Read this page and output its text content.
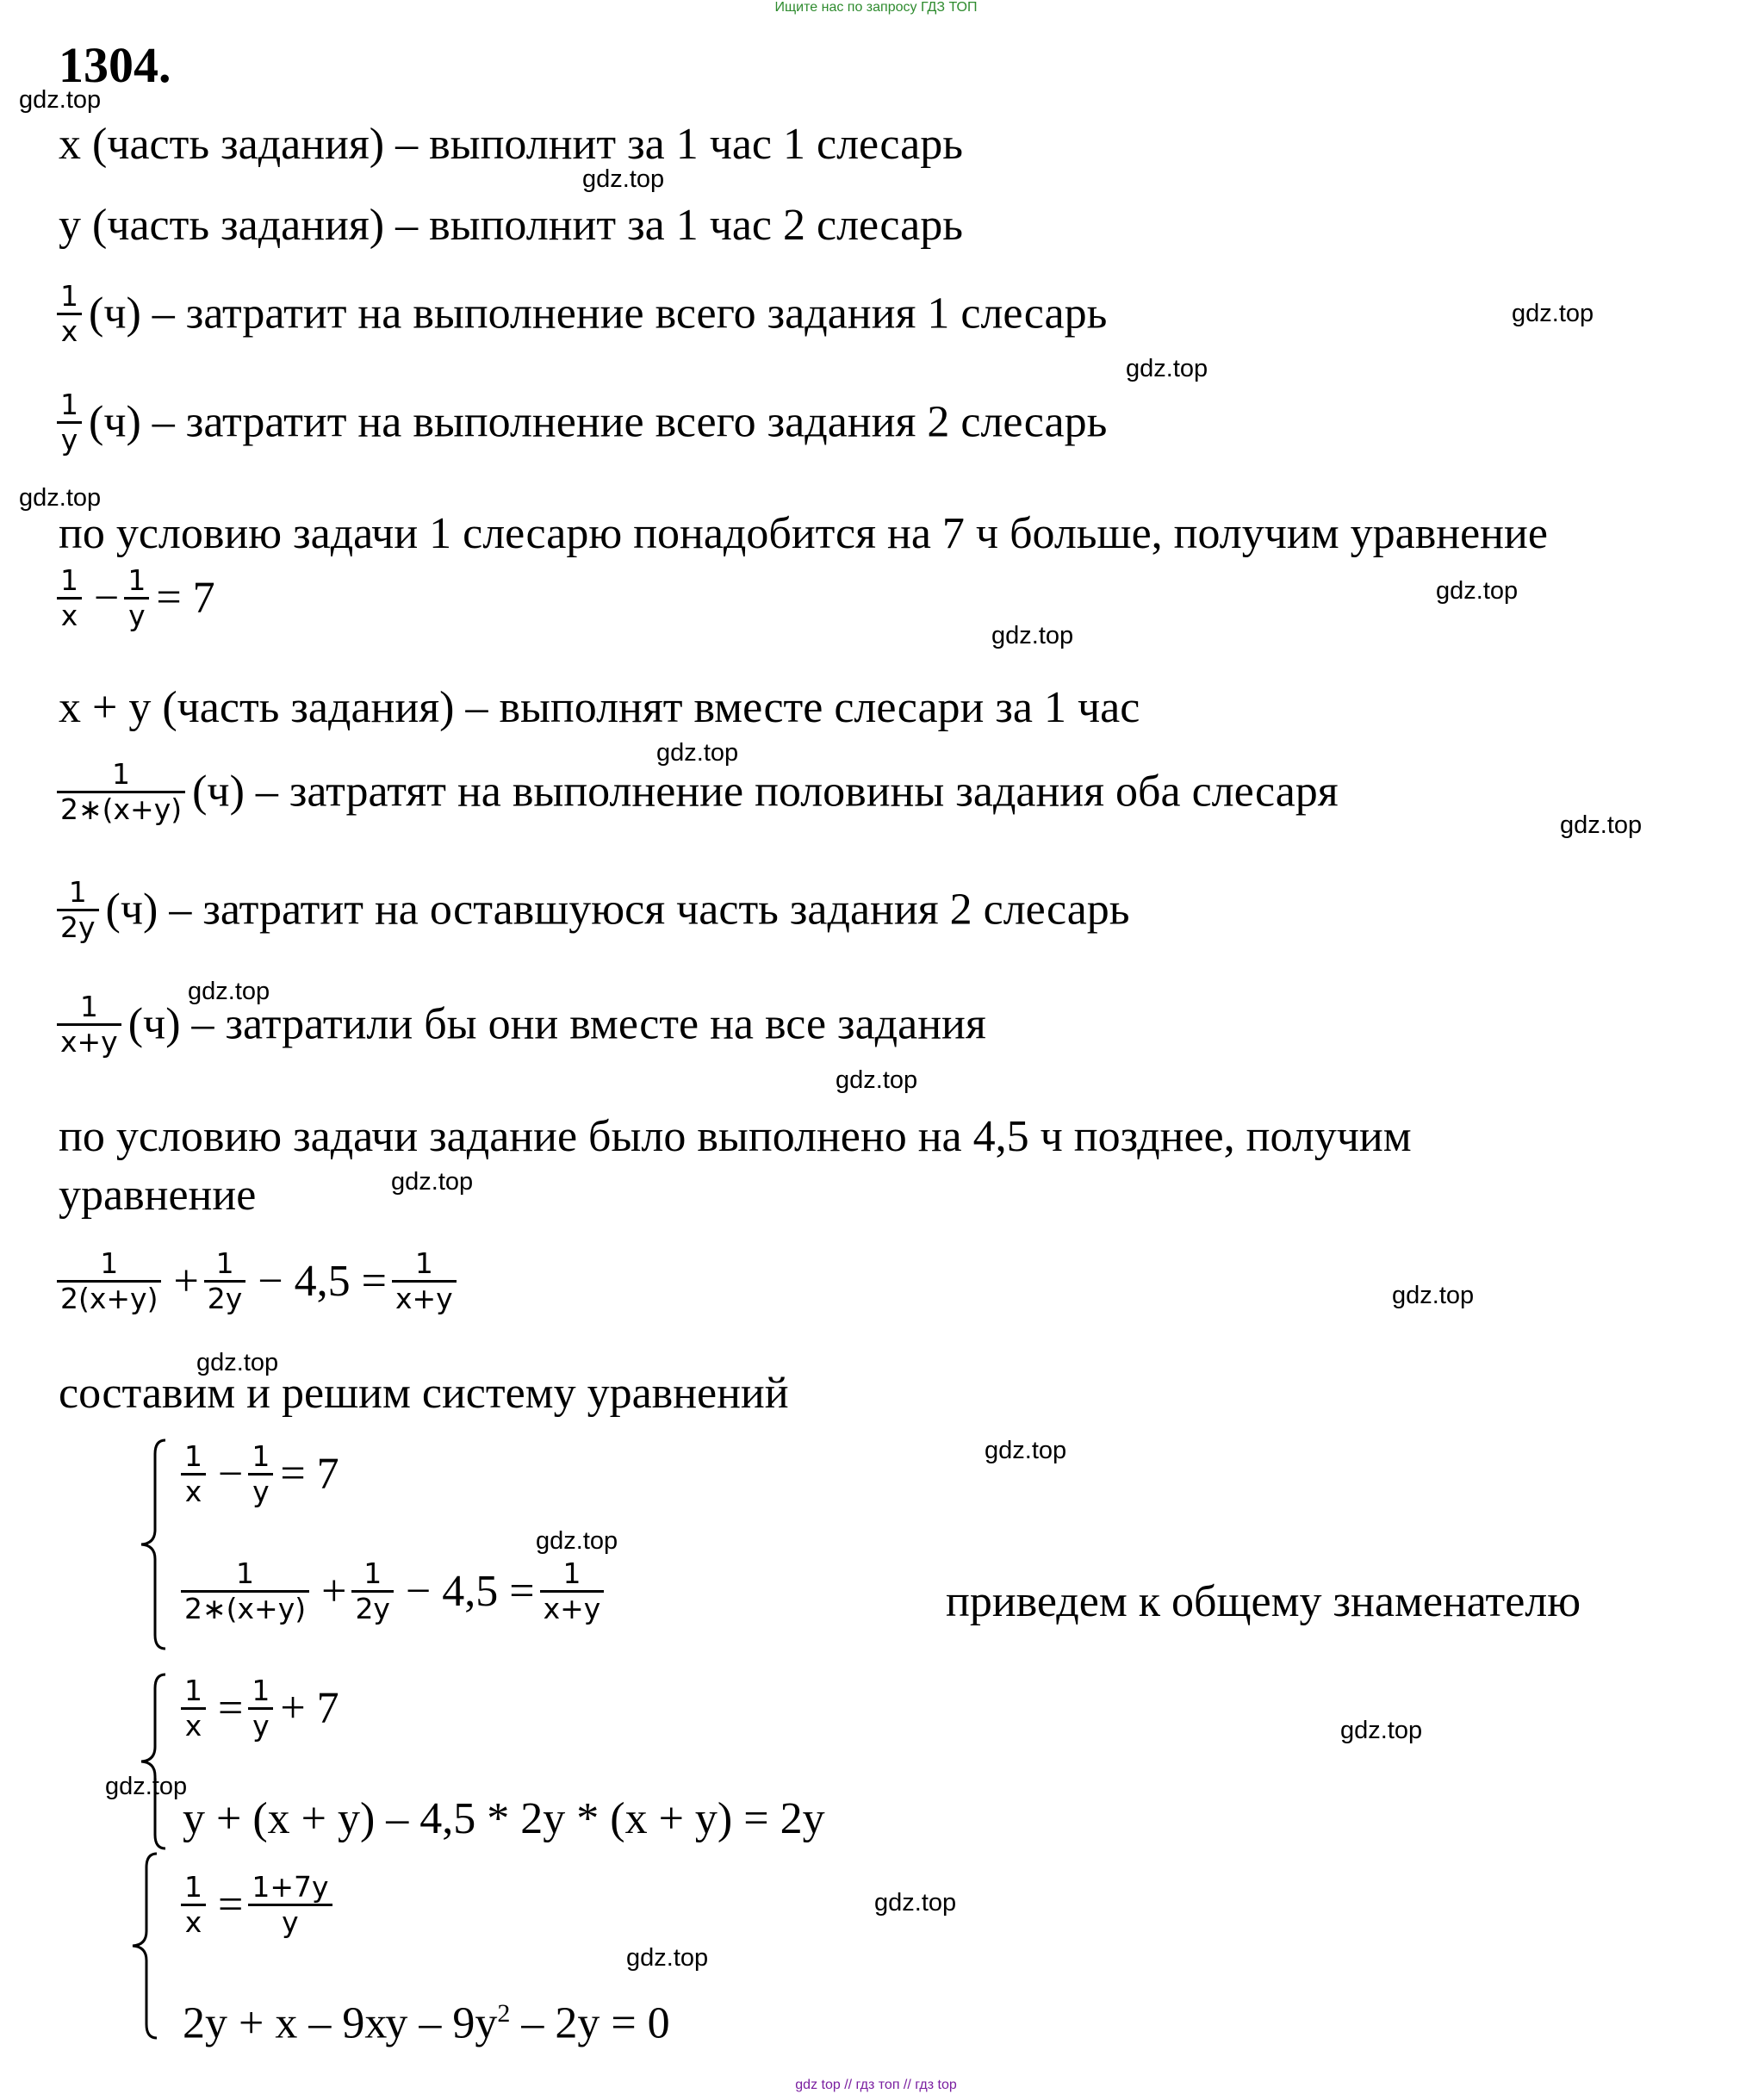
Ищите нас по запросу ГДЗ ТОП
gdz top // гдз топ // гдз top
1304.
gdz.top
gdz.top
gdz.top
gdz.top
gdz.top
gdz.top
gdz.top
gdz.top
gdz.top
gdz.top
gdz.top
gdz.top
gdz.top
gdz.top
gdz.top
gdz.top
gdz.top
gdz.top
gdz.top
gdz.top
х (часть задания) – выполнит за 1 час 1 слесарь
у (часть задания) – выполнит за 1 час 2 слесарь
$\frac{1}{x} (ч)$ – затратит на выполнение всего задания 1 слесарь
$\frac{1}{y} (ч)$ – затратит на выполнение всего задания 2 слесарь
по условию задачи 1 слесарю понадобится на 7 ч больше, получим уравнение
$\frac{1}{x} - \frac{1}{y} = 7$
х + у (часть задания) – выполнят вместе слесари за 1 час
$\frac{1}{2∗(x+y)} (ч)$ – затратят на выполнение половины задания оба слесаря
$\frac{1}{2y} (ч)$ – затратит на оставшуюся часть задания 2 слесарь
$\frac{1}{x+y} (ч)$ – затратили бы они вместе на все задания
по условию задачи задание было выполнено на 4,5 ч позднее, получим
уравнение
$\frac{1}{2(x+y)} + \frac{1}{2y} - 4,5 = \frac{1}{x+y}$
составим и решим систему уравнений
$\frac{1}{x} - \frac{1}{y} = 7$
$\frac{1}{2∗(x+y)} + \frac{1}{2y} - 4,5 = \frac{1}{x+y}$	приведем к общему знаменателю
$\frac{1}{x} = \frac{1}{y} + 7$
у + (х + у) – 4,5 * 2у * (х + у) = 2у
$\frac{1}{x} = \frac{1+7y}{y}$
$2у + х - 9ху - 9у^2 - 2у = 0$
